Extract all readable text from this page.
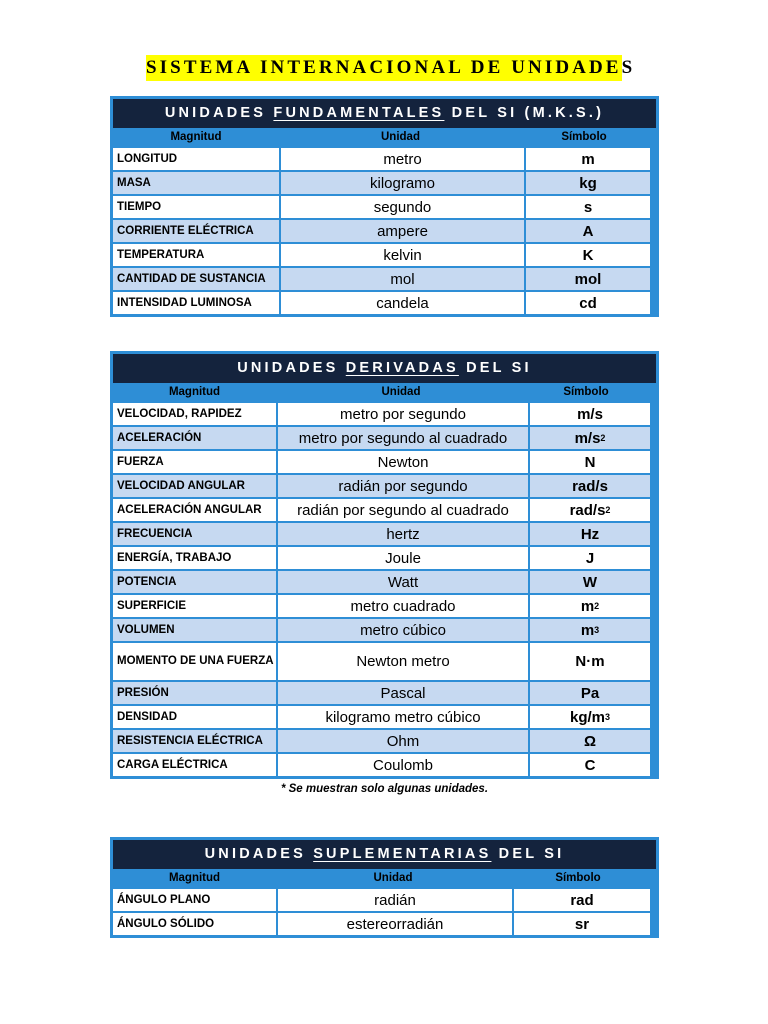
SISTEMA INTERNACIONAL DE UNIDADES
UNIDADES FUNDAMENTALES DEL SI (M.K.S.)
Magnitud	Unidad	Símbolo
LONGITUD	metro	m
MASA	kilogramo	kg
TIEMPO	segundo	s
CORRIENTE ELÉCTRICA	ampere	A
TEMPERATURA	kelvin	K
CANTIDAD DE SUSTANCIA	mol	mol
INTENSIDAD LUMINOSA	candela	cd
UNIDADES DERIVADAS DEL SI
Magnitud	Unidad	Símbolo
VELOCIDAD, RAPIDEZ	metro por segundo	m/s
ACELERACIÓN	metro por segundo al cuadrado	m/s 2
FUERZA	Newton	N
VELOCIDAD ANGULAR	radián por segundo	rad/s
ACELERACIÓN ANGULAR	radián por segundo al cuadrado	rad/s 2
FRECUENCIA	hertz	Hz
ENERGÍA, TRABAJO	Joule	J
POTENCIA	Watt	W
SUPERFICIE	metro cuadrado	m 2
VOLUMEN	metro cúbico	m 3
MOMENTO DE UNA FUERZA	Newton metro	N·m
PRESIÓN	Pascal	Pa
DENSIDAD	kilogramo metro cúbico	kg/m 3
RESISTENCIA ELÉCTRICA	Ohm	Ω
CARGA ELÉCTRICA	Coulomb	C
* Se muestran solo algunas unidades.
UNIDADES SUPLEMENTARIAS DEL SI
Magnitud	Unidad	Símbolo
ÁNGULO PLANO	radián	rad
ÁNGULO SÓLIDO	estereorradián	sr
